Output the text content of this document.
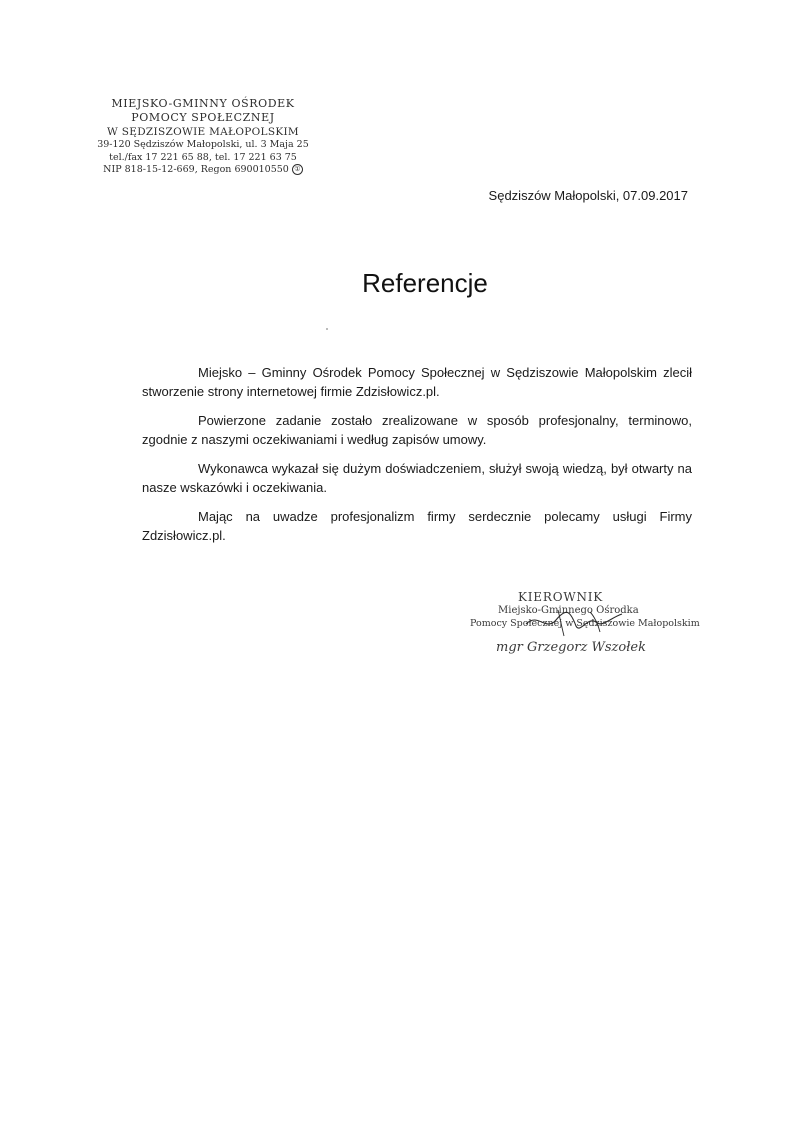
MIEJSKO-GMINNY OŚRODEK
POMOCY SPOŁECZNEJ
W SĘDZISZOWIE MAŁOPOLSKIM
39-120 Sędziszów Małopolski, ul. 3 Maja 25
tel./fax 17 221 65 88, tel. 17 221 63 75
NIP 818-15-12-669, Regon 690010550 ①
Sędziszów Małopolski, 07.09.2017
Referencje

Miejsko – Gminny Ośrodek Pomocy Społecznej w Sędziszowie Małopolskim zlecił stworzenie strony internetowej firmie Zdzisłowicz.pl.

Powierzone zadanie zostało zrealizowane w sposób profesjonalny, terminowo, zgodnie z naszymi oczekiwaniami i według zapisów umowy.

Wykonawca wykazał się dużym doświadczeniem, służył swoją wiedzą, był otwarty na nasze wskazówki i oczekiwania.

Mając na uwadze profesjonalizm firmy serdecznie polecamy usługi Firmy Zdzisłowicz.pl.

KIEROWNIK
Miejsko-Gminnego Ośrodka
Pomocy Społecznej w Sędziszowie Małopolskim
mgr Grzegorz Wszołek
